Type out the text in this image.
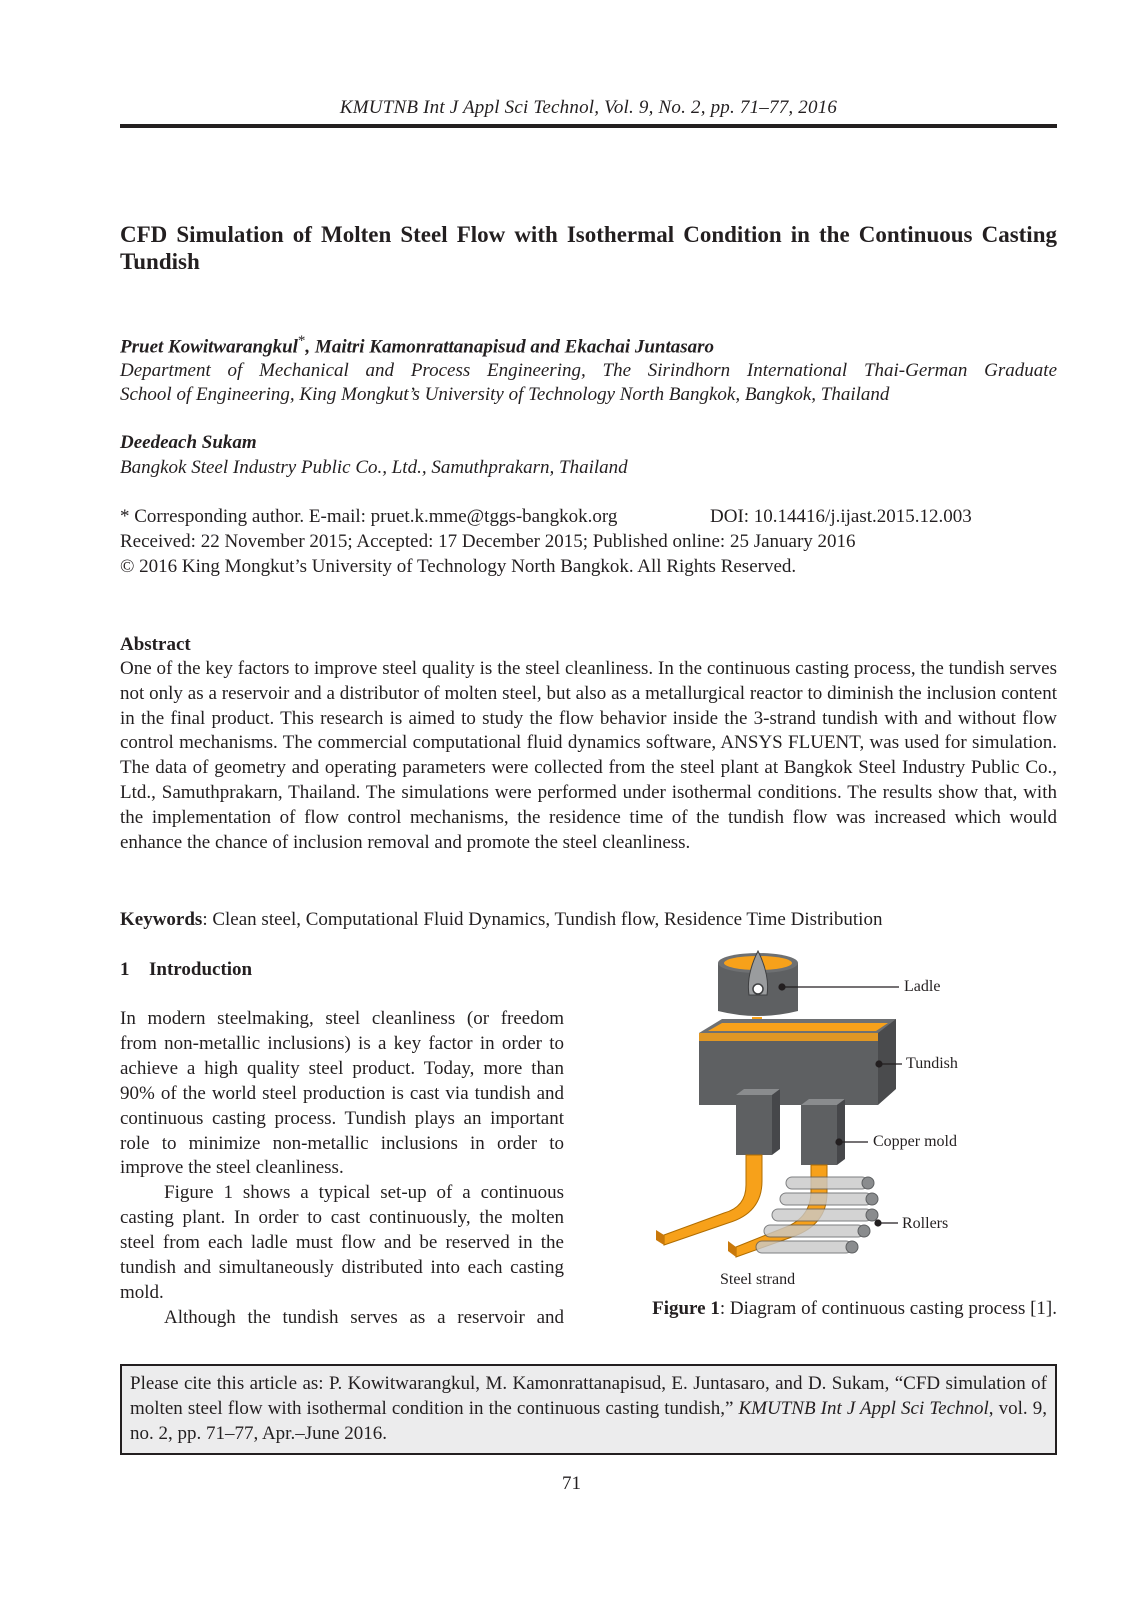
KMUTNB Int J Appl Sci Technol, Vol. 9, No. 2, pp. 71–77, 2016
CFD Simulation of Molten Steel Flow with Isothermal Condition in the Continuous Casting Tundish
Pruet Kowitwarangkul*, Maitri Kamonrattanapisud and Ekachai Juntasaro
Department of Mechanical and Process Engineering, The Sirindhorn International Thai-German Graduate
School of Engineering, King Mongkut’s University of Technology North Bangkok, Bangkok, Thailand
Deedeach Sukam
Bangkok Steel Industry Public Co., Ltd., Samuthprakarn, Thailand
* Corresponding author. E-mail: pruet.k.mme@tggs-bangkok.org	DOI: 10.14416/j.ijast.2015.12.003
Received: 22 November 2015; Accepted: 17 December 2015; Published online: 25 January 2016
© 2016 King Mongkut’s University of Technology North Bangkok. All Rights Reserved.
Abstract

One of the key factors to improve steel quality is the steel cleanliness. In the continuous casting process, the tundish serves not only as a reservoir and a distributor of molten steel, but also as a metallurgical reactor to diminish the inclusion content in the final product. This research is aimed to study the flow behavior inside the 3-strand tundish with and without flow control mechanisms. The commercial computational fluid dynamics software, ANSYS FLUENT, was used for simulation. The data of geometry and operating parameters were collected from the steel plant at Bangkok Steel Industry Public Co., Ltd., Samuthprakarn, Thailand. The simulations were performed under isothermal conditions. The results show that, with the implementation of flow control mechanisms, the residence time of the tundish flow was increased which would enhance the chance of inclusion removal and promote the steel cleanliness.

Keywords: Clean steel, Computational Fluid Dynamics, Tundish flow, Residence Time Distribution
1 Introduction

In modern steelmaking, steel cleanliness (or freedom from non-metallic inclusions) is a key factor in order to achieve a high quality steel product. Today, more than 90% of the world steel production is cast via tundish and continuous casting process. Tundish plays an important role to minimize non-metallic inclusions in order to improve the steel cleanliness.

Figure 1 shows a typical set-up of a continuous casting plant. In order to cast continuously, the molten steel from each ladle must flow and be reserved in the tundish and simultaneously distributed into each casting mold.

Although the tundish serves as a reservoir and

Ladle
Tundish
Copper mold
Rollers
Steel strand
Figure 1: Diagram of continuous casting process [1].
Please cite this article as: P. Kowitwarangkul, M. Kamonrattanapisud, E. Juntasaro, and D. Sukam, “CFD simulation of molten steel flow with isothermal condition in the continuous casting tundish,” KMUTNB Int J Appl Sci Technol, vol. 9, no. 2, pp. 71–77, Apr.–June 2016.
71
